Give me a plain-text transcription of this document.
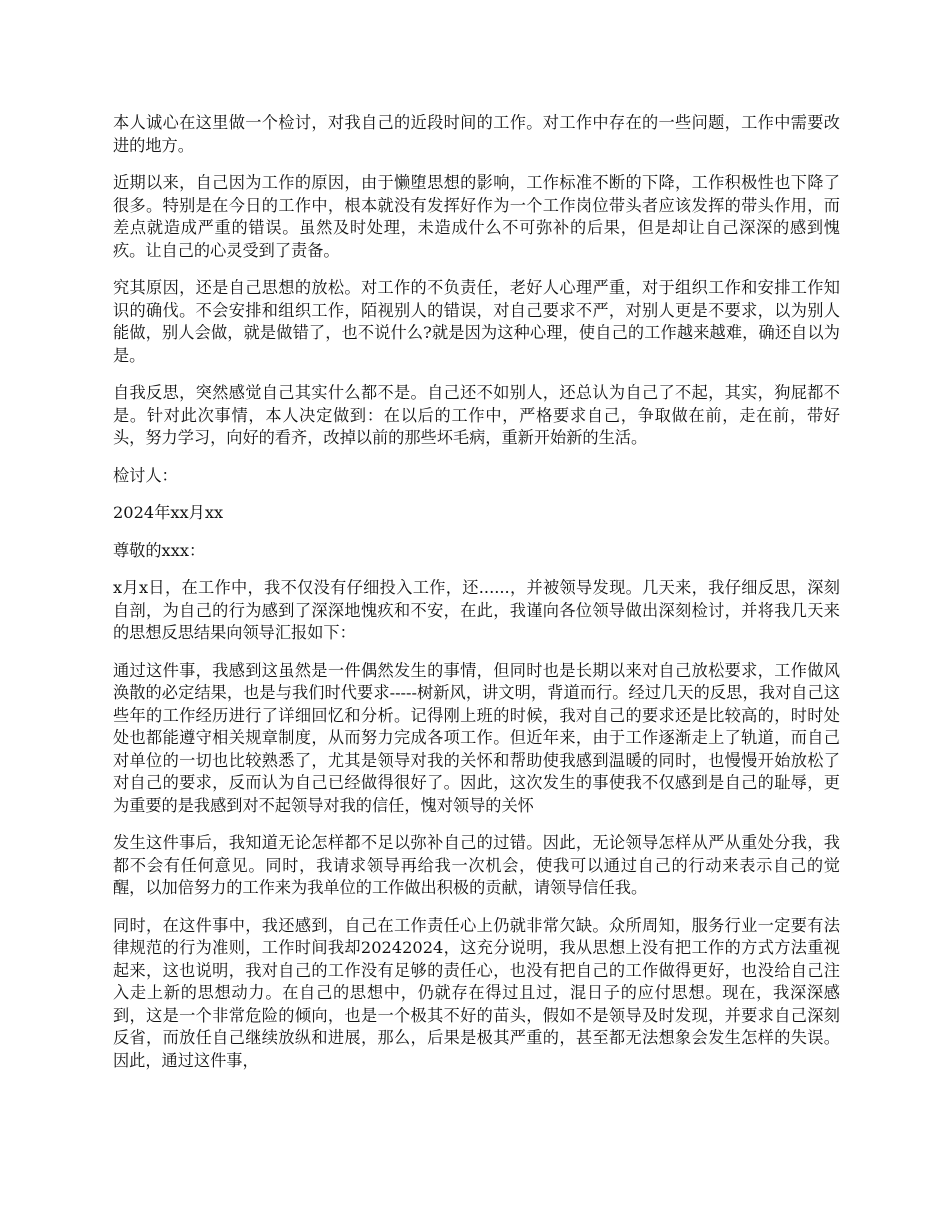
本人诚心在这里做一个检讨，对我自己的近段时间的工作。对工作中存在的一些问题，工作中需要改进的地方。

近期以来，自己因为工作的原因，由于懒堕思想的影响，工作标准不断的下降，工作积极性也下降了很多。特别是在今日的工作中，根本就没有发挥好作为一个工作岗位带头者应该发挥的带头作用，而差点就造成严重的错误。虽然及时处理，未造成什么不可弥补的后果，但是却让自己深深的感到愧疚。让自己的心灵受到了责备。

究其原因，还是自己思想的放松。对工作的不负责任，老好人心理严重，对于组织工作和安排工作知识的确伐。不会安排和组织工作，陌视别人的错误，对自己要求不严，对别人更是不要求，以为别人能做，别人会做，就是做错了，也不说什么?就是因为这种心理，使自己的工作越来越难，确还自以为是。

自我反思，突然感觉自己其实什么都不是。自己还不如别人，还总认为自己了不起，其实，狗屁都不是。针对此次事情，本人决定做到：在以后的工作中，严格要求自己，争取做在前，走在前，带好头，努力学习，向好的看齐，改掉以前的那些坏毛病，重新开始新的生活。

检讨人：

2024年xx月xx

尊敬的xxx：

x月x日，在工作中，我不仅没有仔细投入工作，还......，并被领导发现。几天来，我仔细反思，深刻自剖，为自己的行为感到了深深地愧疚和不安，在此，我谨向各位领导做出深刻检讨，并将我几天来的思想反思结果向领导汇报如下：

通过这件事，我感到这虽然是一件偶然发生的事情，但同时也是长期以来对自己放松要求，工作做风涣散的必定结果，也是与我们时代要求-----树新风，讲文明，背道而行。经过几天的反思，我对自己这些年的工作经历进行了详细回忆和分析。记得刚上班的时候，我对自己的要求还是比较高的，时时处处也都能遵守相关规章制度，从而努力完成各项工作。但近年来，由于工作逐渐走上了轨道，而自己对单位的一切也比较熟悉了，尤其是领导对我的关怀和帮助使我感到温暖的同时，也慢慢开始放松了对自己的要求，反而认为自己已经做得很好了。因此，这次发生的事使我不仅感到是自己的耻辱，更为重要的是我感到对不起领导对我的信任，愧对领导的关怀

发生这件事后，我知道无论怎样都不足以弥补自己的过错。因此，无论领导怎样从严从重处分我，我都不会有任何意见。同时，我请求领导再给我一次机会，使我可以通过自己的行动来表示自己的觉醒，以加倍努力的工作来为我单位的工作做出积极的贡献，请领导信任我。

同时，在这件事中，我还感到，自己在工作责任心上仍就非常欠缺。众所周知，服务行业一定要有法律规范的行为准则，工作时间我却20242024，这充分说明，我从思想上没有把工作的方式方法重视起来，这也说明，我对自己的工作没有足够的责任心，也没有把自己的工作做得更好，也没给自己注入走上新的思想动力。在自己的思想中，仍就存在得过且过，混日子的应付思想。现在，我深深感到，这是一个非常危险的倾向，也是一个极其不好的苗头，假如不是领导及时发现，并要求自己深刻反省，而放任自己继续放纵和进展，那么，后果是极其严重的，甚至都无法想象会发生怎样的失误。因此，通过这件事，
